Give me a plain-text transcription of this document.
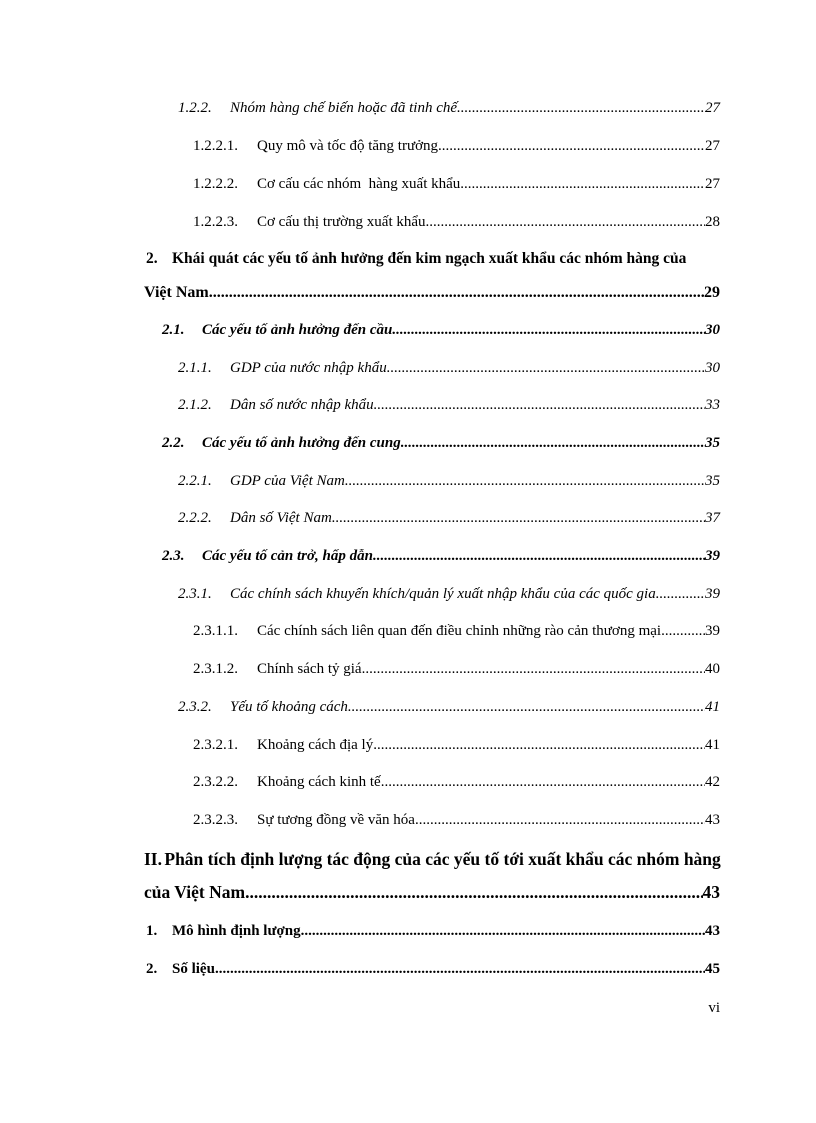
1.2.2.	Nhóm hàng chế biến hoặc đã tinh chế .....	27
1.2.2.1.	Quy mô và tốc độ tăng trưởng .....	27
1.2.2.2.	Cơ cấu các nhóm  hàng xuất khẩu .....	27
1.2.2.3.	Cơ cấu thị trường xuất khẩu. .....	28
2. Khái quát các yếu tố ảnh hưởng đến kim ngạch xuất khẩu các nhóm hàng của
Việt Nam .....	29
2.1.	Các yếu tố ảnh hưởng đến cầu .....	30
2.1.1.	GDP của nước nhập khẩu .....	30
2.1.2.	Dân số nước nhập khẩu .....	33
2.2.	Các yếu tố ảnh hưởng đến cung .....	35
2.2.1.	GDP của Việt Nam .....	35
2.2.2.	Dân số Việt Nam .....	37
2.3.	Các yếu tố cản trở, hấp dẫn .....	39
2.3.1.	Các chính sách khuyến khích/quản lý xuất nhập khẩu của các quốc gia .....	39
2.3.1.1.	Các chính sách liên quan đến điều chỉnh những rào cản thương mại .....	39
2.3.1.2.	Chính sách tỷ giá .....	40
2.3.2.	Yếu tố khoảng cách .....	41
2.3.2.1.	Khoảng cách địa lý .....	41
2.3.2.2.	Khoảng cách kinh tế .....	42
2.3.2.3.	Sự tương đồng về văn hóa .....	43
II. Phân tích định lượng tác động của các yếu tố tới xuất khẩu các nhóm hàng
của Việt Nam .....	43
1. Mô hình định lượng .....	43
2. Số liệu .....	45
vi
